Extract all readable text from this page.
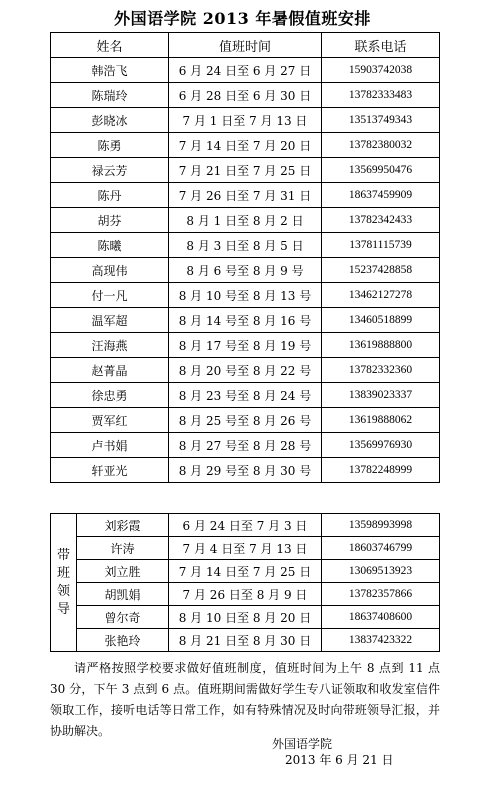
外国语学院 2013 年暑假值班安排
姓名	值班时间	联系电话
韩浩飞	6 月 24 日至 6 月 27 日	15903742038
陈瑞玲	6 月 28 日至 6 月 30 日	13782333483
彭晓冰	7 月 1 日至 7 月 13 日	13513749343
陈勇	7 月 14 日至 7 月 20 日	13782380032
禄云芳	7 月 21 日至 7 月 25 日	13569950476
陈丹	7 月 26 日至 7 月 31 日	18637459909
胡芬	8 月 1 日至 8 月 2 日	13782342433
陈曦	8 月 3 日至 8 月 5 日	13781115739
高现伟	8 月 6 号至 8 月 9 号	15237428858
付一凡	8 月 10 号至 8 月 13 号	13462127278
温军超	8 月 14 号至 8 月 16 号	13460518899
汪海燕	8 月 17 号至 8 月 19 号	13619888800
赵菁晶	8 月 20 号至 8 月 22 号	13782332360
徐忠勇	8 月 23 号至 8 月 24 号	13839023337
贾军红	8 月 25 号至 8 月 26 号	13619888062
卢书娟	8 月 27 号至 8 月 28 号	13569976930
轩亚光	8 月 29 号至 8 月 30 号	13782248999
带班领导	刘彩霞	6 月 24 日至 7 月 3 日	13598993998
	许涛	7 月 4 日至 7 月 13 日	18603746799
	刘立胜	7 月 14 日至 7 月 25 日	13069513923
	胡凯娟	7 月 26 日至 8 月 9 日	13782357866
	曾尔奇	8 月 10 日至 8 月 20 日	18637408600
	张艳玲	8 月 21 日至 8 月 30 日	13837423322
请严格按照学校要求做好值班制度，值班时间为上午 8 点到 11 点 30 分，下午 3 点到 6 点。值班期间需做好学生专八证领取和收发室信件领取工作，接听电话等日常工作，如有特殊情况及时向带班领导汇报，并协助解决。
外国语学院
2013 年 6 月 21 日
